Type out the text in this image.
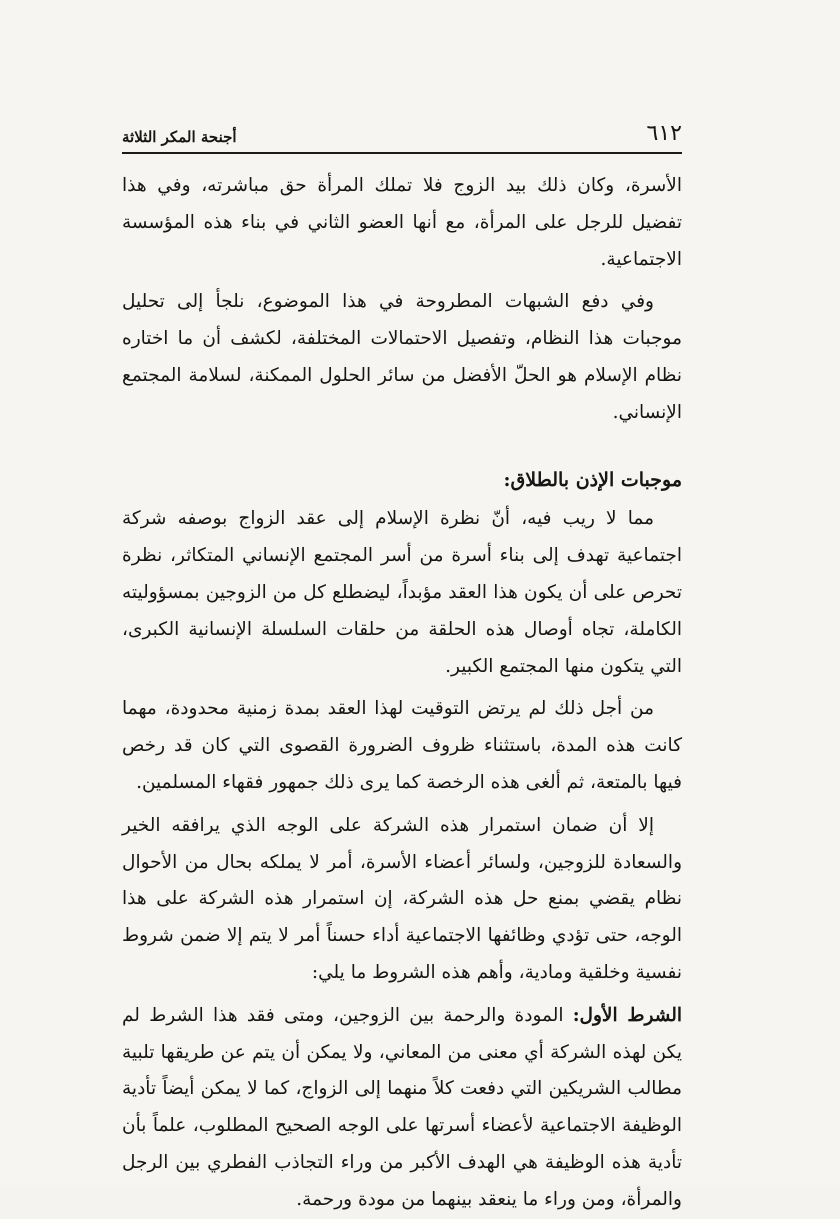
٦١٢
أجنحة المكر الثلاثة

الأسرة، وكان ذلك بيد الزوج فلا تملك المرأة حق مباشرته، وفي هذا تفضيل للرجل على المرأة، مع أنها العضو الثاني في بناء هذه المؤسسة الاجتماعية.

وفي دفع الشبهات المطروحة في هذا الموضوع، نلجأ إلى تحليل موجبات هذا النظام، وتفصيل الاحتمالات المختلفة، لكشف أن ما اختاره نظام الإسلام هو الحلّ الأفضل من سائر الحلول الممكنة، لسلامة المجتمع الإنساني.

موجبات الإذن بالطلاق:

مما لا ريب فيه، أنّ نظرة الإسلام إلى عقد الزواج بوصفه شركة اجتماعية تهدف إلى بناء أسرة من أسر المجتمع الإنساني المتكاثر، نظرة تحرص على أن يكون هذا العقد مؤبداً، ليضطلع كل من الزوجين بمسؤوليته الكاملة، تجاه أوصال هذه الحلقة من حلقات السلسلة الإنسانية الكبرى، التي يتكون منها المجتمع الكبير.

من أجل ذلك لم يرتض التوقيت لهذا العقد بمدة زمنية محدودة، مهما كانت هذه المدة، باستثناء ظروف الضرورة القصوى التي كان قد رخص فيها بالمتعة، ثم ألغى هذه الرخصة كما يرى ذلك جمهور فقهاء المسلمين.

إلا أن ضمان استمرار هذه الشركة على الوجه الذي يرافقه الخير والسعادة للزوجين، ولسائر أعضاء الأسرة، أمر لا يملكه بحال من الأحوال نظام يقضي بمنع حل هذه الشركة، إن استمرار هذه الشركة على هذا الوجه، حتى تؤدي وظائفها الاجتماعية أداء حسناً أمر لا يتم إلا ضمن شروط نفسية وخلقية ومادية، وأهم هذه الشروط ما يلي:

الشرط الأول: المودة والرحمة بين الزوجين، ومتى فقد هذا الشرط لم يكن لهذه الشركة أي معنى من المعاني، ولا يمكن أن يتم عن طريقها تلبية مطالب الشريكين التي دفعت كلاً منهما إلى الزواج، كما لا يمكن أيضاً تأدية الوظيفة الاجتماعية لأعضاء أسرتها على الوجه الصحيح المطلوب، علماً بأن تأدية هذه الوظيفة هي الهدف الأكبر من وراء التجاذب الفطري بين الرجل والمرأة، ومن وراء ما ينعقد بينهما من مودة ورحمة.
